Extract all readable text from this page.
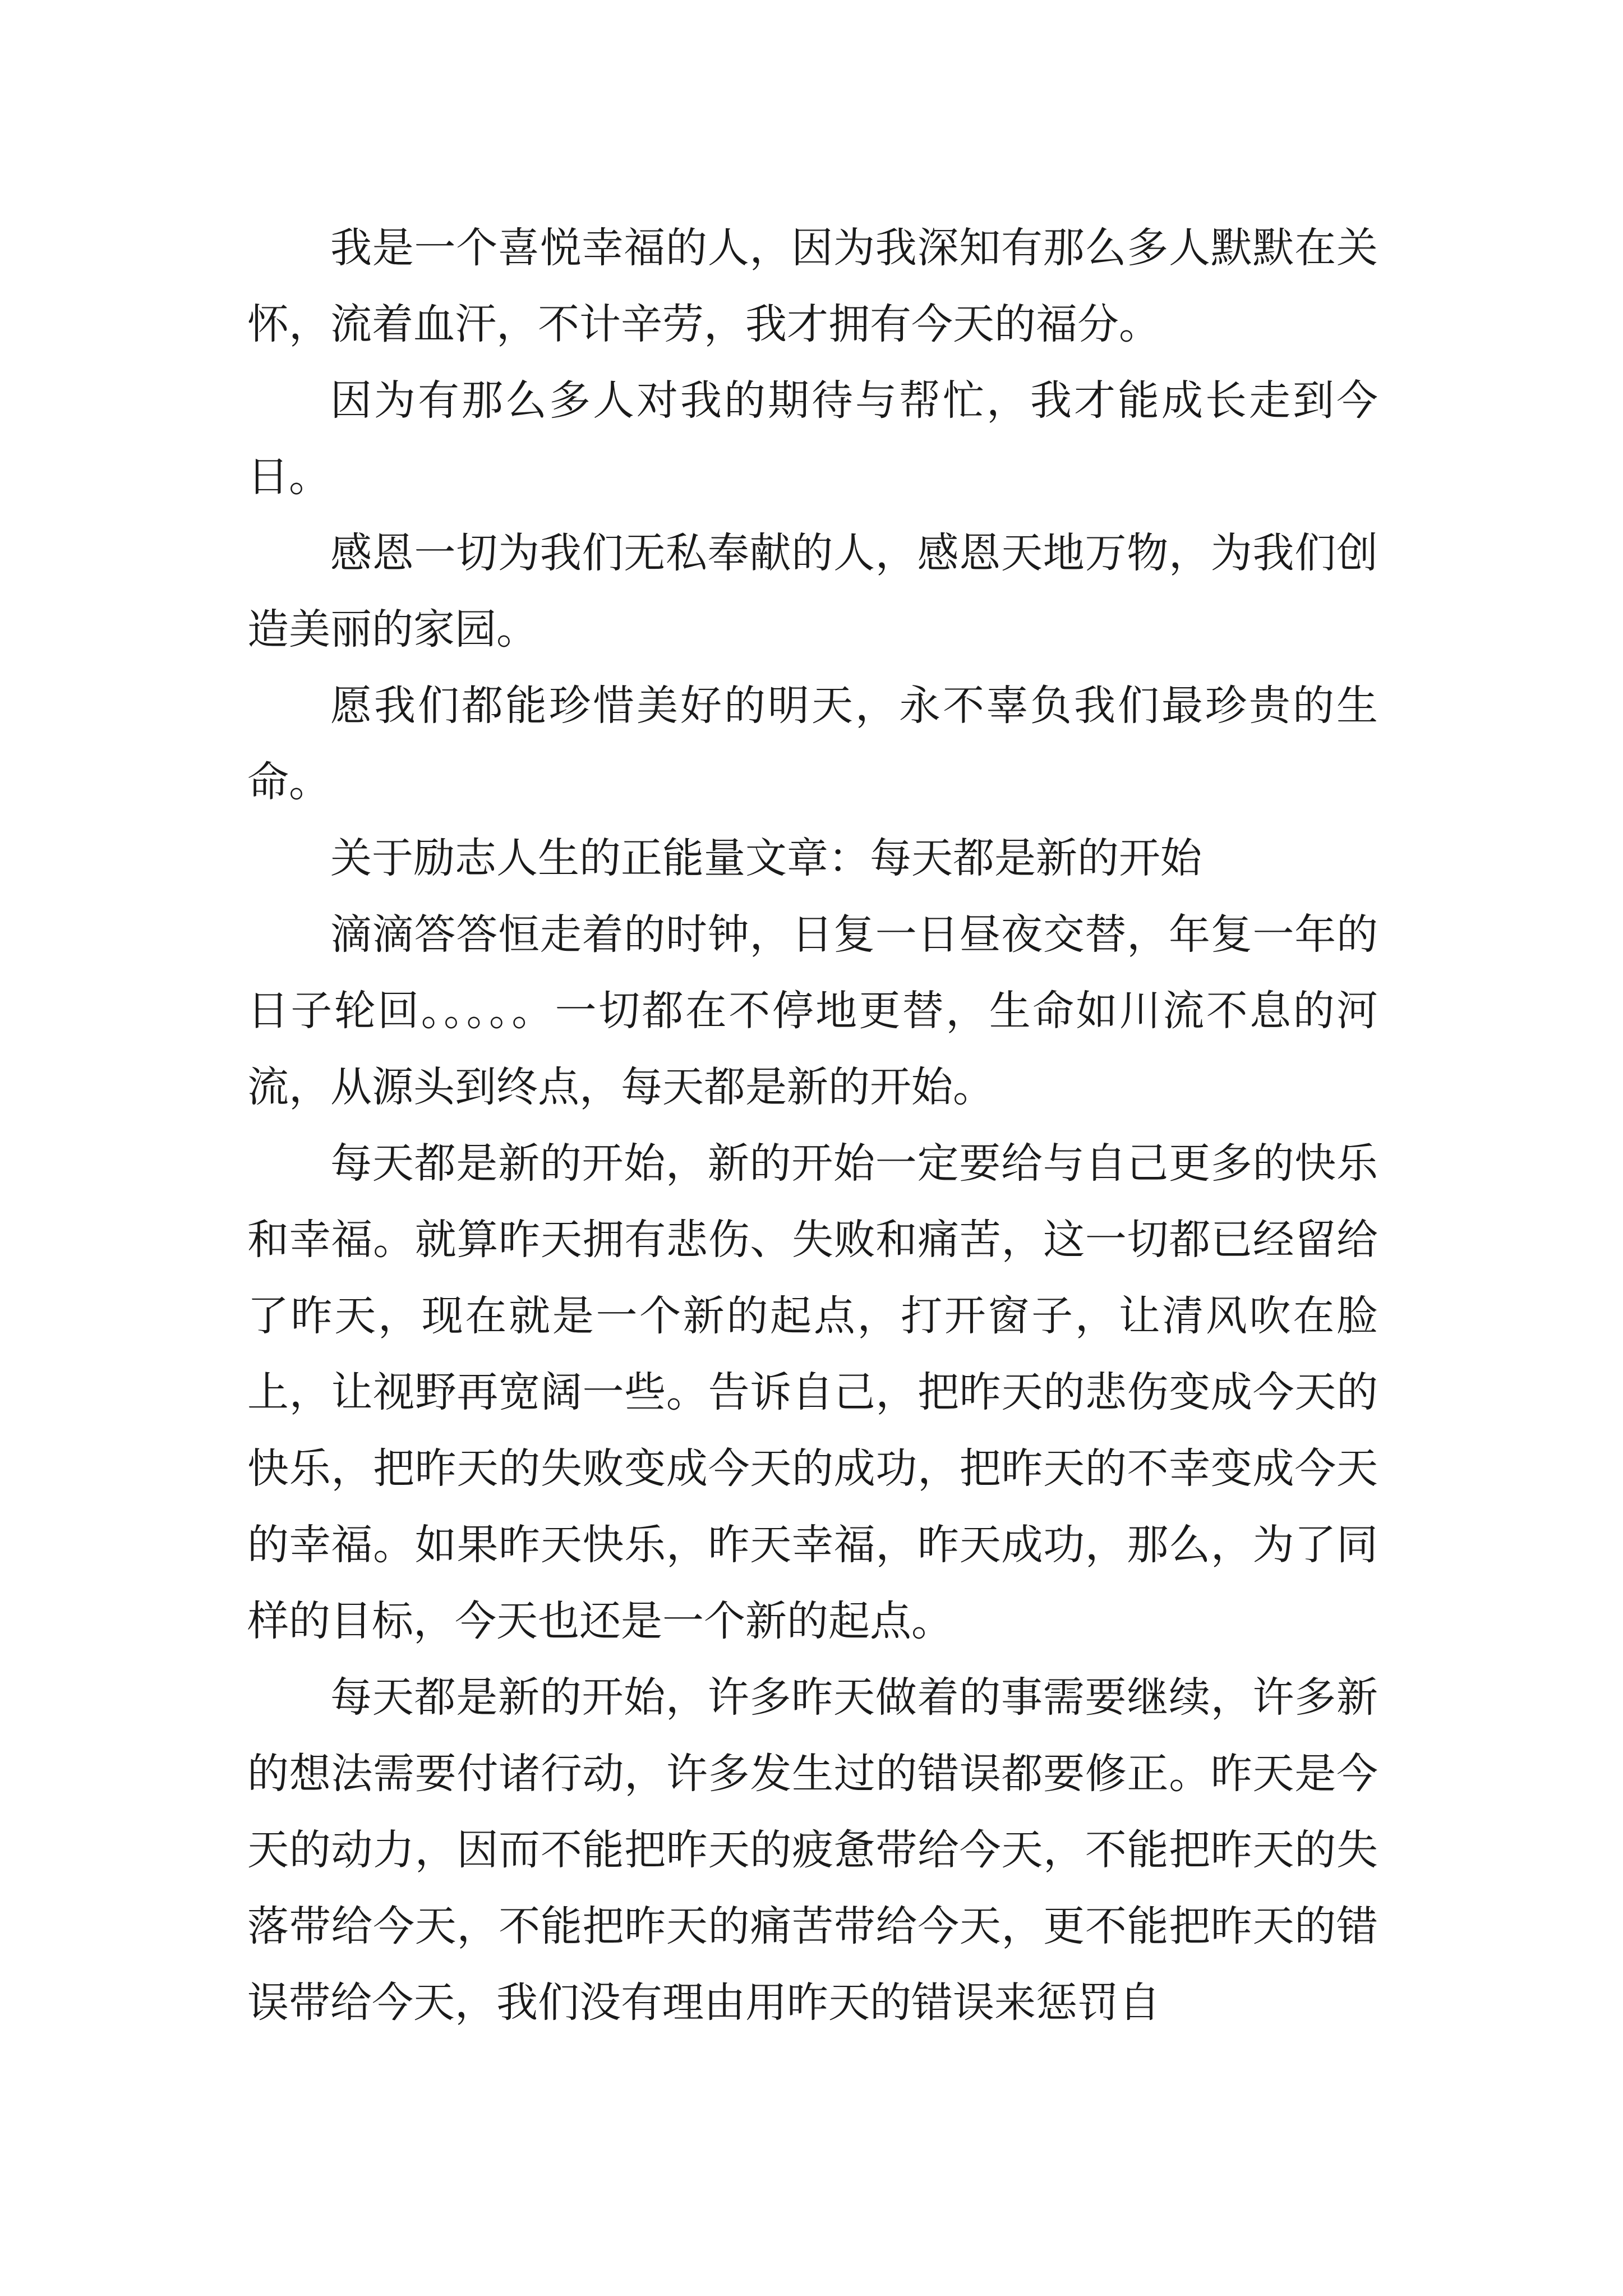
我是一个喜悦幸福的人，因为我深知有那么多人默默在关怀，流着血汗，不计辛劳，我才拥有今天的福分。

因为有那么多人对我的期待与帮忙，我才能成长走到今日。

感恩一切为我们无私奉献的人，感恩天地万物，为我们创造美丽的家园。

愿我们都能珍惜美好的明天，永不辜负我们最珍贵的生命。

关于励志人生的正能量文章：每天都是新的开始

滴滴答答恒走着的时钟，日复一日昼夜交替，年复一年的日子轮回。。。。。一切都在不停地更替，生命如川流不息的河流，从源头到终点，每天都是新的开始。

每天都是新的开始，新的开始一定要给与自己更多的快乐和幸福。就算昨天拥有悲伤、失败和痛苦，这一切都已经留给了昨天，现在就是一个新的起点，打开窗子，让清风吹在脸上，让视野再宽阔一些。告诉自己，把昨天的悲伤变成今天的快乐，把昨天的失败变成今天的成功，把昨天的不幸变成今天的幸福。如果昨天快乐，昨天幸福，昨天成功，那么，为了同样的目标，今天也还是一个新的起点。

每天都是新的开始，许多昨天做着的事需要继续，许多新的想法需要付诸行动，许多发生过的错误都要修正。昨天是今天的动力，因而不能把昨天的疲惫带给今天，不能把昨天的失落带给今天，不能把昨天的痛苦带给今天，更不能把昨天的错误带给今天，我们没有理由用昨天的错误来惩罚自
